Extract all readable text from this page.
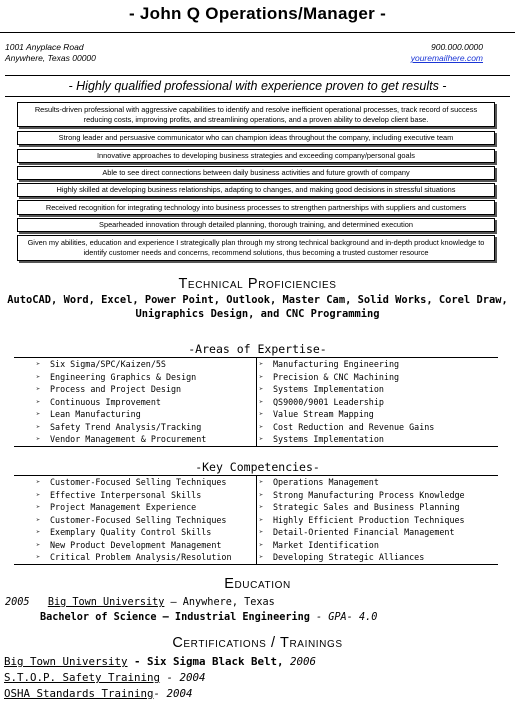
- John Q Operations/Manager -
1001 Anyplace Road
Anywhere, Texas 00000
900.000.0000
youremailhere.com
- Highly qualified professional with experience proven to get results -
Results-driven professional with aggressive capabilities to identify and resolve inefficient operational processes, track record of success reducing costs, improving profits, and streamlining operations, and a proven ability to develop client base.
Strong leader and persuasive communicator who can champion ideas throughout the company, including executive team
Innovative approaches to developing business strategies and exceeding company/personal goals
Able to see direct connections between daily business activities and future growth of company
Highly skilled at developing business relationships, adapting to changes, and making good decisions in stressful situations
Received recognition for integrating technology into business processes to strengthen partnerships with suppliers and customers
Spearheaded innovation through detailed planning, thorough training, and determined execution
Given my abilities, education and experience I strategically plan through my strong technical background and in-depth product knowledge to identify customer needs and concerns, recommend solutions, thus becoming a trusted customer resource
Technical Proficiencies
AutoCAD, Word, Excel, Power Point, Outlook, Master Cam, Solid Works, Corel Draw,
Unigraphics Design, and CNC Programming
-Areas of Expertise-
➢	Six Sigma/SPC/Kaizen/5S	➢	Manufacturing Engineering
➢	Engineering Graphics & Design	➢	Precision & CNC Machining
➢	Process and Project Design	➢	Systems Implementation
➢	Continuous Improvement	➢	QS9000/9001 Leadership
➢	Lean Manufacturing	➢	Value Stream Mapping
➢	Safety Trend Analysis/Tracking	➢	Cost Reduction and Revenue Gains
➢	Vendor Management & Procurement	➢	Systems Implementation
-Key Competencies-
➢	Customer-Focused Selling Techniques	➢	Operations Management
➢	Effective Interpersonal Skills	➢	Strong Manufacturing Process Knowledge
➢	Project Management Experience	➢	Strategic Sales and Business Planning
➢	Customer-Focused Selling Techniques	➢	Highly Efficient Production Techniques
➢	Exemplary Quality Control Skills	➢	Detail-Oriented Financial Management
➢	New Product Development Management	➢	Market Identification
➢	Critical Problem Analysis/Resolution	➢	Developing Strategic Alliances
Education
2005 Big Town University – Anywhere, Texas
Bachelor of Science – Industrial Engineering - GPA- 4.0
Certifications / Trainings
Big Town University - Six Sigma Black Belt, 2006
S.T.O.P. Safety Training - 2004
OSHA Standards Training- 2004
